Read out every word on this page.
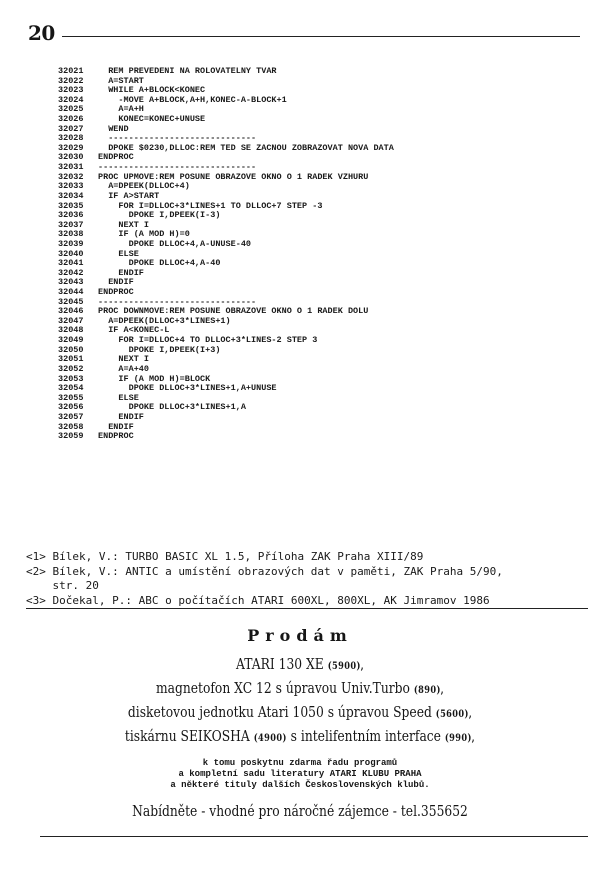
20
32021	REM PREVEDENI NA ROLOVATELNY TVAR
32022	A=START
32023	WHILE A+BLOCK<KONEC
32024	-MOVE A+BLOCK,A+H,KONEC-A-BLOCK+1
32025	A=A+H
32026	KONEC=KONEC+UNUSE
32027	WEND
32028	-----------------------------
32029	DPOKE $0230,DLLOC:REM TED SE ZACNOU ZOBRAZOVAT NOVA DATA
32030	ENDPROC
32031	-------------------------------
32032	PROC UPMOVE:REM POSUNE OBRAZOVE OKNO O 1 RADEK VZHURU
32033	A=DPEEK(DLLOC+4)
32034	IF A>START
32035	FOR I=DLLOC+3*LINES+1 TO DLLOC+7 STEP -3
32036	DPOKE I,DPEEK(I-3)
32037	NEXT I
32038	IF (A MOD H)=0
32039	DPOKE DLLOC+4,A-UNUSE-40
32040	ELSE
32041	DPOKE DLLOC+4,A-40
32042	ENDIF
32043	ENDIF
32044	ENDPROC
32045	-------------------------------
32046	PROC DOWNMOVE:REM POSUNE OBRAZOVE OKNO O 1 RADEK DOLU
32047	A=DPEEK(DLLOC+3*LINES+1)
32048	IF A<KONEC-L
32049	FOR I=DLLOC+4 TO DLLOC+3*LINES-2 STEP 3
32050	DPOKE I,DPEEK(I+3)
32051	NEXT I
32052	A=A+40
32053	IF (A MOD H)=BLOCK
32054	DPOKE DLLOC+3*LINES+1,A+UNUSE
32055	ELSE
32056	DPOKE DLLOC+3*LINES+1,A
32057	ENDIF
32058	ENDIF
32059	ENDPROC
<1> Bílek, V.: TURBO BASIC XL 1.5, Příloha ZAK Praha XIII/89
<2> Bílek, V.: ANTIC a umístění obrazových dat v paměti, ZAK Praha 5/90,
str. 20
<3> Dočekal, P.: ABC o počítačích ATARI 600XL, 800XL, AK Jimramov 1986
Prodám
ATARI 130 XE (5900),
magnetofon XC 12 s úpravou Univ.Turbo (890),
disketovou jednotku Atari 1050 s úpravou Speed (5600),
tiskárnu SEIKOSHA (4900) s intelifentním interface (990),
k tomu poskytnu zdarma řadu programů
a kompletní sadu literatury ATARI KLUBU PRAHA
a některé tituly dalších Československých klubů.
Nabídněte - vhodné pro náročné zájemce - tel.355652
